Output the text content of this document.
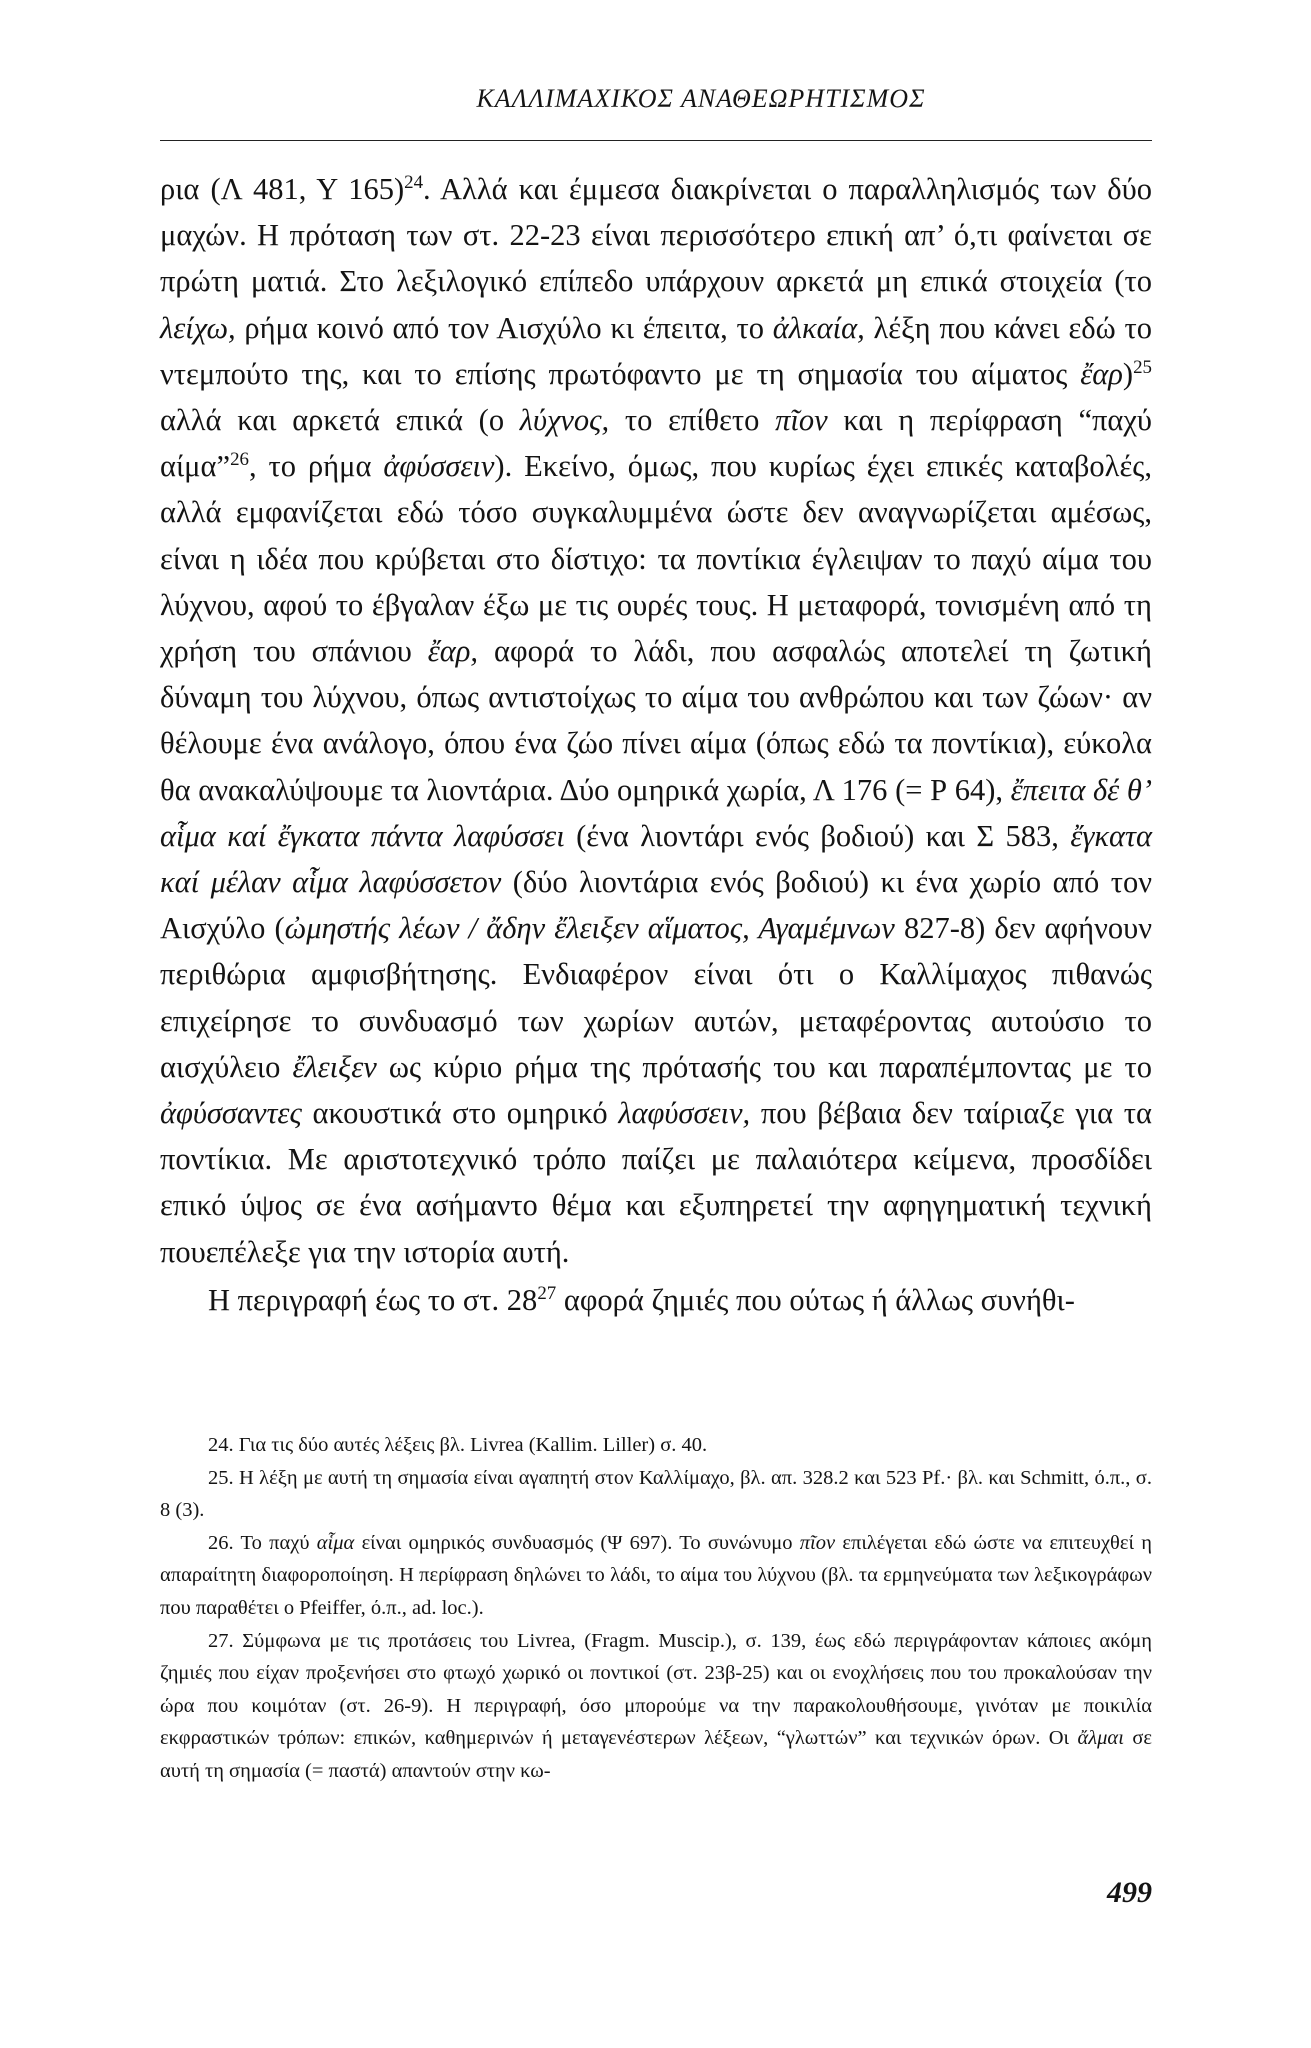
ΚΑΛΛΙΜΑΧΙΚΟΣ ΑΝΑΘΕΩΡΗΤΙΣΜΟΣ

ρια (Λ 481, Υ 165)$^{24}$. Αλλά και έμμεσα διακρίνεται ο παραλληλισμός των δύο μαχών. Η πρόταση των στ. 22-23 είναι περισσότερο επική απ’ ό,τι φαίνεται σε πρώτη ματιά. Στο λεξιλογικό επίπεδο υπάρχουν αρκετά μη επικά στοιχεία (το λείχω, ρήμα κοινό από τον Αισχύλο κι έπειτα, το ἀλκαία, λέξη που κάνει εδώ το ντεμπούτο της, και το επίσης πρωτόφαντο με τη σημασία του αίματος ἔαρ)$^{25}$ αλλά και αρκετά επικά (ο λύχνος, το επίθετο πῖον και η περίφραση “παχύ αίμα”$^{26}$, το ρήμα ἀφύσσειν). Εκείνο, όμως, που κυρίως έχει επικές καταβολές, αλλά εμφανίζεται εδώ τόσο συγκαλυμμένα ώστε δεν αναγνωρίζεται αμέσως, είναι η ιδέα που κρύβεται στο δίστιχο: τα ποντίκια έγλειψαν το παχύ αίμα του λύχνου, αφού το έβγαλαν έξω με τις ουρές τους. Η μεταφορά, τονισμένη από τη χρήση του σπάνιου ἔαρ, αφορά το λάδι, που ασφαλώς αποτελεί τη ζωτική δύναμη του λύχνου, όπως αντιστοίχως το αίμα του ανθρώπου και των ζώων· αν θέλουμε ένα ανάλογο, όπου ένα ζώο πίνει αίμα (όπως εδώ τα ποντίκια), εύκολα θα ανακαλύψουμε τα λιοντάρια. Δύο ομηρικά χωρία, Λ 176 (= Ρ 64), ἔπειτα δέ θ’ αἷμα καί ἔγκατα πάντα λαφύσσει (ένα λιοντάρι ενός βοδιού) και Σ 583, ἔγκατα καί μέλαν αἷμα λαφύσσετον (δύο λιοντάρια ενός βοδιού) κι ένα χωρίο από τον Αισχύλο (ὠμηστής λέων / ἄδην ἔλειξεν αἵματος, Αγαμέμνων 827-8) δεν αφήνουν περιθώρια αμφισβήτησης. Ενδιαφέρον είναι ότι ο Καλλίμαχος πιθανώς επιχείρησε το συνδυασμό των χωρίων αυτών, μεταφέροντας αυτούσιο το αισχύλειο ἔλειξεν ως κύριο ρήμα της πρότασής του και παραπέμποντας με το ἀφύσσαντες ακουστικά στο ομηρικό λαφύσσειν, που βέβαια δεν ταίριαζε για τα ποντίκια. Με αριστοτεχνικό τρόπο παίζει με παλαιότερα κείμενα, προσδίδει επικό ύψος σε ένα ασήμαντο θέμα και εξυπηρετεί την αφηγηματική τεχνική πουεπέλεξε για την ιστορία αυτή.

Η περιγραφή έως το στ. $28^{27}$ αφορά ζημιές που ούτως ή άλλως συνήθι-

24. Για τις δύο αυτές λέξεις βλ. Livrea (Kallim. Liller) σ. 40.

25. Η λέξη με αυτή τη σημασία είναι αγαπητή στον Καλλίμαχο, βλ. απ. 328.2 και 523 Pf.· βλ. και Schmitt, ό.π., σ. 8 (3).

26. Το παχύ αἷμα είναι ομηρικός συνδυασμός (Ψ 697). Το συνώνυμο πῖον επιλέγεται εδώ ώστε να επιτευχθεί η απαραίτητη διαφοροποίηση. Η περίφραση δηλώνει το λάδι, το αίμα του λύχνου (βλ. τα ερμηνεύματα των λεξικογράφων που παραθέτει ο Pfeiffer, ό.π., ad. loc.).

27. Σύμφωνα με τις προτάσεις του Livrea, (Fragm. Muscip.), σ. 139, έως εδώ περιγράφονταν κάποιες ακόμη ζημιές που είχαν προξενήσει στο φτωχό χωρικό οι ποντικοί (στ. 23β-25) και οι ενοχλήσεις που του προκαλούσαν την ώρα που κοιμόταν (στ. 26-9). Η περιγραφή, όσο μπορούμε να την παρακολουθήσουμε, γινόταν με ποικιλία εκφραστικών τρόπων: επικών, καθημερινών ή μεταγενέστερων λέξεων, “γλωττών” και τεχνικών όρων. Οι ἄλμαι σε αυτή τη σημασία (= παστά) απαντούν στην κω-

499
